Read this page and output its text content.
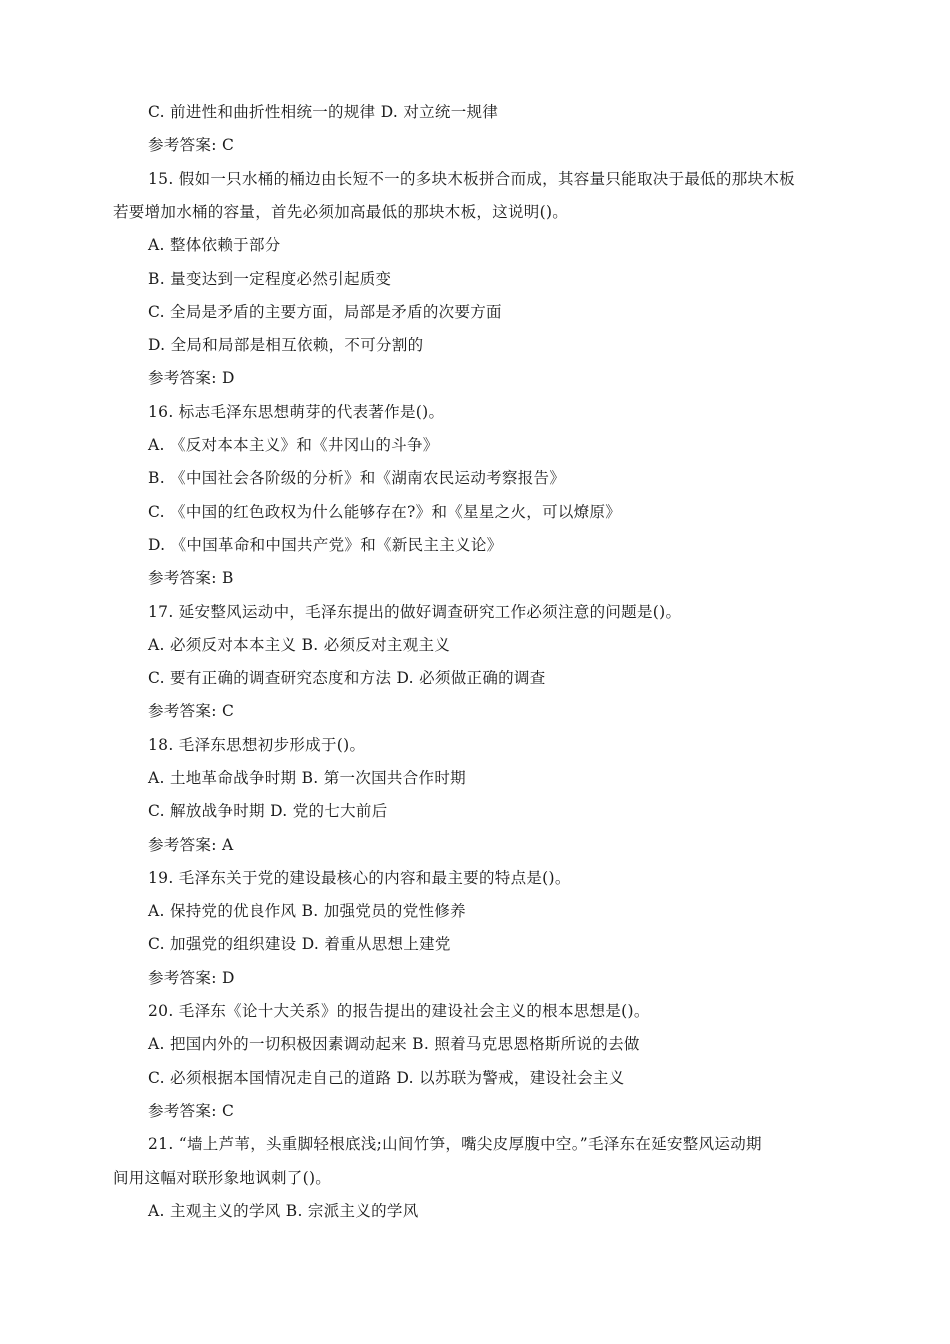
C. 前进性和曲折性相统一的规律 D. 对立统一规律
参考答案: C
15. 假如一只水桶的桶边由长短不一的多块木板拼合而成，其容量只能取决于最低的那块木板
若要增加水桶的容量，首先必须加高最低的那块木板，这说明()。
A. 整体依赖于部分
B. 量变达到一定程度必然引起质变
C. 全局是矛盾的主要方面，局部是矛盾的次要方面
D. 全局和局部是相互依赖，不可分割的
参考答案: D
16. 标志毛泽东思想萌芽的代表著作是()。
A. 《反对本本主义》和《井冈山的斗争》
B. 《中国社会各阶级的分析》和《湖南农民运动考察报告》
C. 《中国的红色政权为什么能够存在?》和《星星之火，可以燎原》
D. 《中国革命和中国共产党》和《新民主主义论》
参考答案: B
17. 延安整风运动中，毛泽东提出的做好调查研究工作必须注意的问题是()。
A. 必须反对本本主义 B. 必须反对主观主义
C. 要有正确的调查研究态度和方法 D. 必须做正确的调查
参考答案: C
18. 毛泽东思想初步形成于()。
A. 土地革命战争时期 B. 第一次国共合作时期
C. 解放战争时期 D. 党的七大前后
参考答案: A
19. 毛泽东关于党的建设最核心的内容和最主要的特点是()。
A. 保持党的优良作风 B. 加强党员的党性修养
C. 加强党的组织建设 D. 着重从思想上建党
参考答案: D
20. 毛泽东《论十大关系》的报告提出的建设社会主义的根本思想是()。
A. 把国内外的一切积极因素调动起来 B. 照着马克思恩格斯所说的去做
C. 必须根据本国情况走自己的道路 D. 以苏联为警戒，建设社会主义
参考答案: C
21. “墙上芦苇，头重脚轻根底浅;山间竹笋，嘴尖皮厚腹中空。”毛泽东在延安整风运动期
间用这幅对联形象地讽刺了()。
A. 主观主义的学风 B. 宗派主义的学风
